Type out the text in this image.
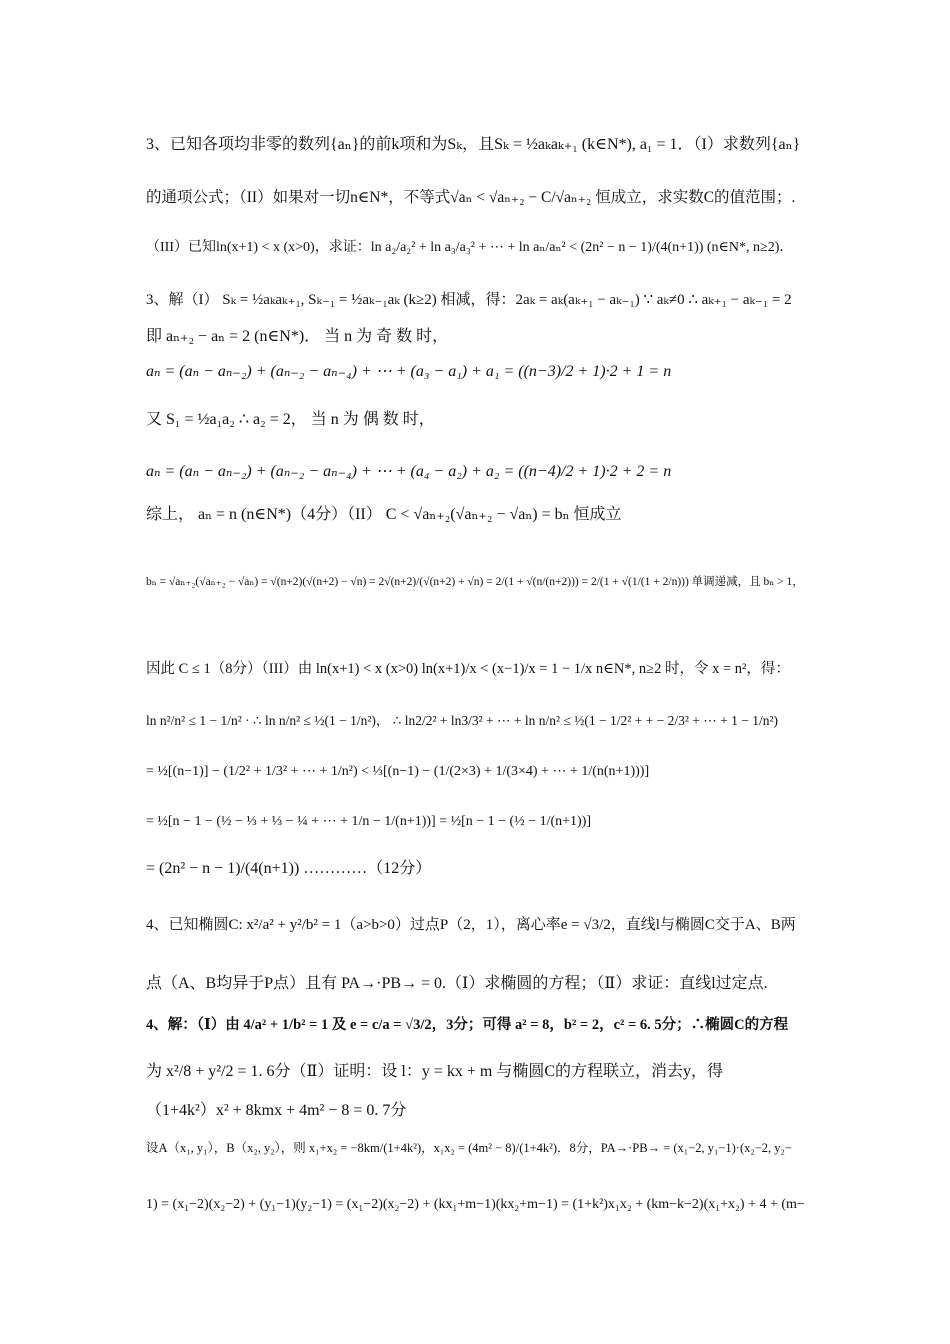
3、已知各项均非零的数列{aₙ}的前k项和为Sₖ，且Sₖ = ½aₖaₖ₊₁ (k∈N*), a₁ = 1．（I）求数列{aₙ}
的通项公式；（II）如果对一切n∈N*，不等式√aₙ < √aₙ₊₂ − C/√aₙ₊₂ 恒成立，求实数C的值范围；.
（III）已知ln(x+1) < x (x>0)，求证：ln a₂/a₂² + ln a₃/a₃² + ⋯ + ln aₙ/aₙ² < (2n² − n − 1)/(4(n+1)) (n∈N*, n≥2)．
3、解（I） Sₖ = ½aₖaₖ₊₁, Sₖ₋₁ = ½aₖ₋₁aₖ (k≥2) 相减，得：2aₖ = aₖ(aₖ₊₁ − aₖ₋₁) ∵ aₖ≠0 ∴ aₖ₊₁ − aₖ₋₁ = 2
即 aₙ₊₂ − aₙ = 2 (n∈N*)． 当 n 为 奇 数 时，
aₙ = (aₙ − aₙ₋₂) + (aₙ₋₂ − aₙ₋₄) + ⋯ + (a₃ − a₁) + a₁ = ((n−3)/2 + 1)·2 + 1 = n
又 S₁ = ½a₁a₂ ∴ a₂ = 2， 当 n 为 偶 数 时，
aₙ = (aₙ − aₙ₋₂) + (aₙ₋₂ − aₙ₋₄) + ⋯ + (a₄ − a₂) + a₂ = ((n−4)/2 + 1)·2 + 2 = n
综上， aₙ = n (n∈N*)（4分）（II） C < √aₙ₊₂(√aₙ₊₂ − √aₙ) = bₙ 恒成立
bₙ = √aₙ₊₂(√aₙ₊₂ − √aₙ) = √(n+2)(√(n+2) − √n) = 2√(n+2)/(√(n+2) + √n) = 2/(1 + √(n/(n+2))) = 2/(1 + √(1/(1 + 2/n))) 单调递减，且 bₙ > 1，
因此 C ≤ 1（8分）（III）由 ln(x+1) < x (x>0) ln(x+1)/x < (x−1)/x = 1 − 1/x n∈N*, n≥2 时，令 x = n²，得：
ln n²/n² ≤ 1 − 1/n² · ∴ ln n/n² ≤ ½(1 − 1/n²)， ∴ ln2/2² + ln3/3² + ⋯ + ln n/n² ≤ ½(1 − 1/2² + + − 2/3² + ⋯ + 1 − 1/n²)
= ½[(n−1)] − (1/2² + 1/3² + ⋯ + 1/n²) < ⅓[(n−1) − (1/(2×3) + 1/(3×4) + ⋯ + 1/(n(n+1)))]
= ½[n − 1 − (½ − ⅓ + ⅓ − ¼ + ⋯ + 1/n − 1/(n+1))] = ½[n − 1 − (½ − 1/(n+1))]
= (2n² − n − 1)/(4(n+1)) …………（12分）
4、已知椭圆C: x²/a² + y²/b² = 1（a>b>0）过点P（2，1），离心率e = √3/2，直线l与椭圆C交于A、B两
点（A、B均异于P点）且有 PA→·PB→ = 0.（Ⅰ）求椭圆的方程；（Ⅱ）求证：直线l过定点.
4、解：（Ⅰ）由 4/a² + 1/b² = 1 及 e = c/a = √3/2，3分；可得 a² = 8，b² = 2，c² = 6. 5分；∴椭圆C的方程
为 x²/8 + y²/2 = 1. 6分（Ⅱ）证明：设 l：y = kx + m 与椭圆C的方程联立，消去y，得
（1+4k²）x² + 8kmx + 4m² − 8 = 0. 7分
设A（x₁, y₁），B（x₂, y₂），则 x₁+x₂ = −8km/(1+4k²)，x₁x₂ = (4m² − 8)/(1+4k²)．8分，PA→·PB→ = (x₁−2, y₁−1)·(x₂−2, y₂−
1) = (x₁−2)(x₂−2) + (y₁−1)(y₂−1) = (x₁−2)(x₂−2) + (kx₁+m−1)(kx₂+m−1) = (1+k²)x₁x₂ + (km−k−2)(x₁+x₂) + 4 + (m−
